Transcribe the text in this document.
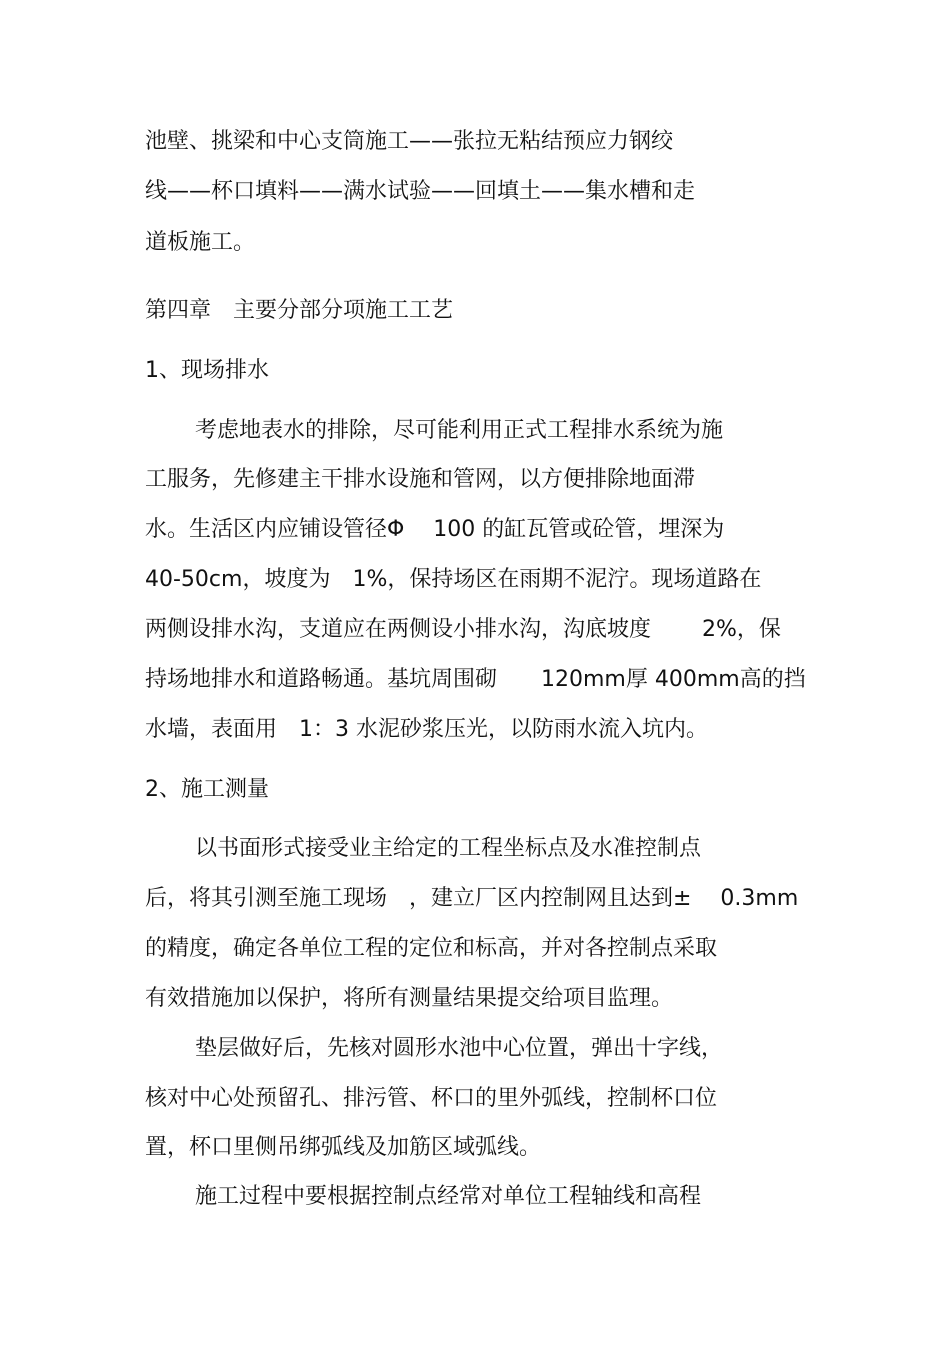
池壁、挑梁和中心支筒施工——张拉无粘结预应力钢绞
线——杯口填料——满水试验——回填土——集水槽和走
道板施工。
第四章　主要分部分项施工工艺
1、现场排水
考虑地表水的排除，尽可能利用正式工程排水系统为施
工服务，先修建主干排水设施和管网，以方便排除地面滞
水。生活区内应铺设管径Φ　 100 的缸瓦管或砼管，埋深为
40-50cm，坡度为　1%，保持场区在雨期不泥泞。现场道路在
两侧设排水沟，支道应在两侧设小排水沟，沟底坡度　　 2%，保
持场地排水和道路畅通。基坑周围砌　　120mm厚 400mm高的挡
水墙，表面用　1：3 水泥砂浆压光，以防雨水流入坑内。
2、施工测量
以书面形式接受业主给定的工程坐标点及水准控制点
后，将其引测至施工现场　，建立厂区内控制网且达到±　 0.3mm
的精度，确定各单位工程的定位和标高，并对各控制点采取
有效措施加以保护，将所有测量结果提交给项目监理。
垫层做好后，先核对圆形水池中心位置，弹出十字线，
核对中心处预留孔、排污管、杯口的里外弧线，控制杯口位
置，杯口里侧吊绑弧线及加筋区域弧线。
施工过程中要根据控制点经常对单位工程轴线和高程
